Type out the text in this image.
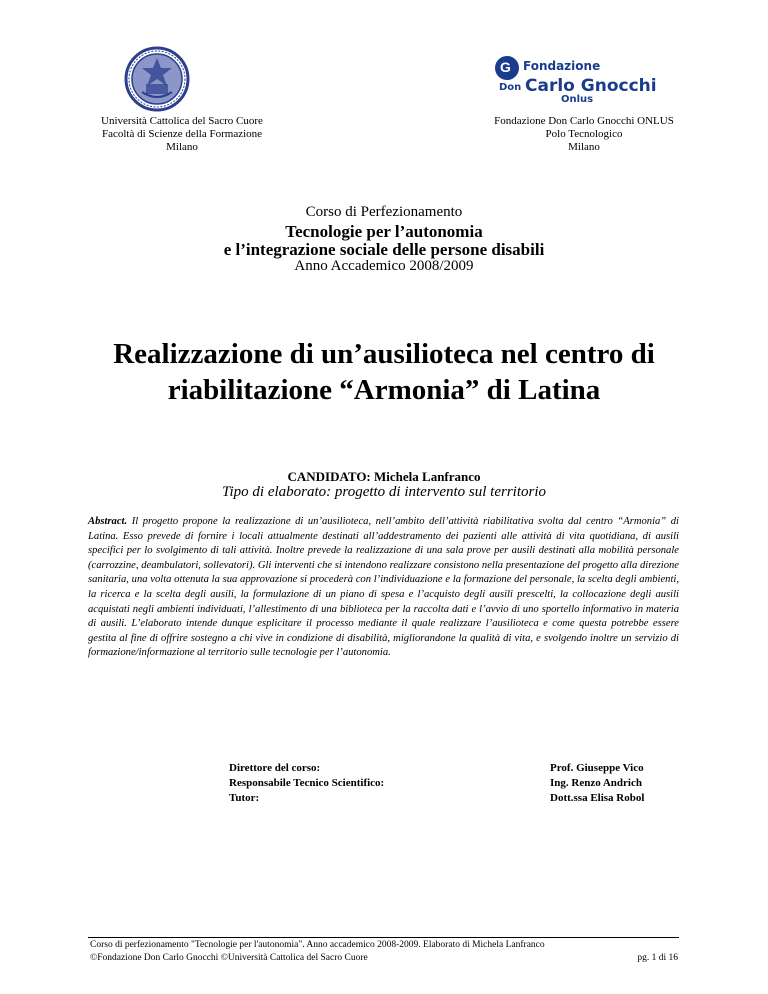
G Fondazione
Don Carlo Gnocchi
Onlus
Università Cattolica del Sacro Cuore
Facoltà di Scienze della Formazione
Milano
Fondazione Don Carlo Gnocchi ONLUS
Polo Tecnologico
Milano
Corso di Perfezionamento
Tecnologie per l’autonomia
e l’integrazione sociale delle persone disabili
Anno Accademico 2008/2009
Realizzazione di un’ausilioteca nel centro di
riabilitazione “Armonia” di Latina
CANDIDATO: Michela Lanfranco
Tipo di elaborato: progetto di intervento sul territorio

Abstract. Il progetto propone la realizzazione di un’ausilioteca, nell’ambito dell’attività riabilitativa svolta dal centro “Armonia” di Latina. Esso prevede di fornire i locali attualmente destinati all’addestramento dei pazienti alle attività di vita quotidiana, di ausili specifici per lo svolgimento di tali attività. Inoltre prevede la realizzazione di una sala prove per ausili destinati alla mobilità personale (carrozzine, deambulatori, sollevatori). Gli interventi che si intendono realizzare consistono nella presentazione del progetto alla direzione sanitaria, una volta ottenuta la sua approvazione si procederà con l’individuazione e la formazione del personale, la scelta degli ambienti, la ricerca e la scelta degli ausili, la formulazione di un piano di spesa e l’acquisto degli ausili prescelti, la collocazione degli ausili acquistati negli ambienti individuati, l’allestimento di una biblioteca per la raccolta dati e l’avvio di uno sportello informativo in materia di ausili. L’elaborato intende dunque esplicitare il processo mediante il quale realizzare l’ausilioteca e come questa potrebbe essere gestita al fine di offrire sostegno a chi vive in condizione di disabilità, migliorandone la qualità di vita, e svolgendo inoltre un servizio di formazione/informazione al territorio sulle tecnologie per l’autonomia.

Direttore del corso:
Responsabile Tecnico Scientifico:
Tutor:
Prof. Giuseppe Vico
Ing. Renzo Andrich
Dott.ssa Elisa Robol
Corso di perfezionamento "Tecnologie per l'autonomia". Anno accademico 2008-2009. Elaborato di Michela Lanfranco
©Fondazione Don Carlo Gnocchi ©Università Cattolica del Sacro Cuore	pg. 1 di 16
